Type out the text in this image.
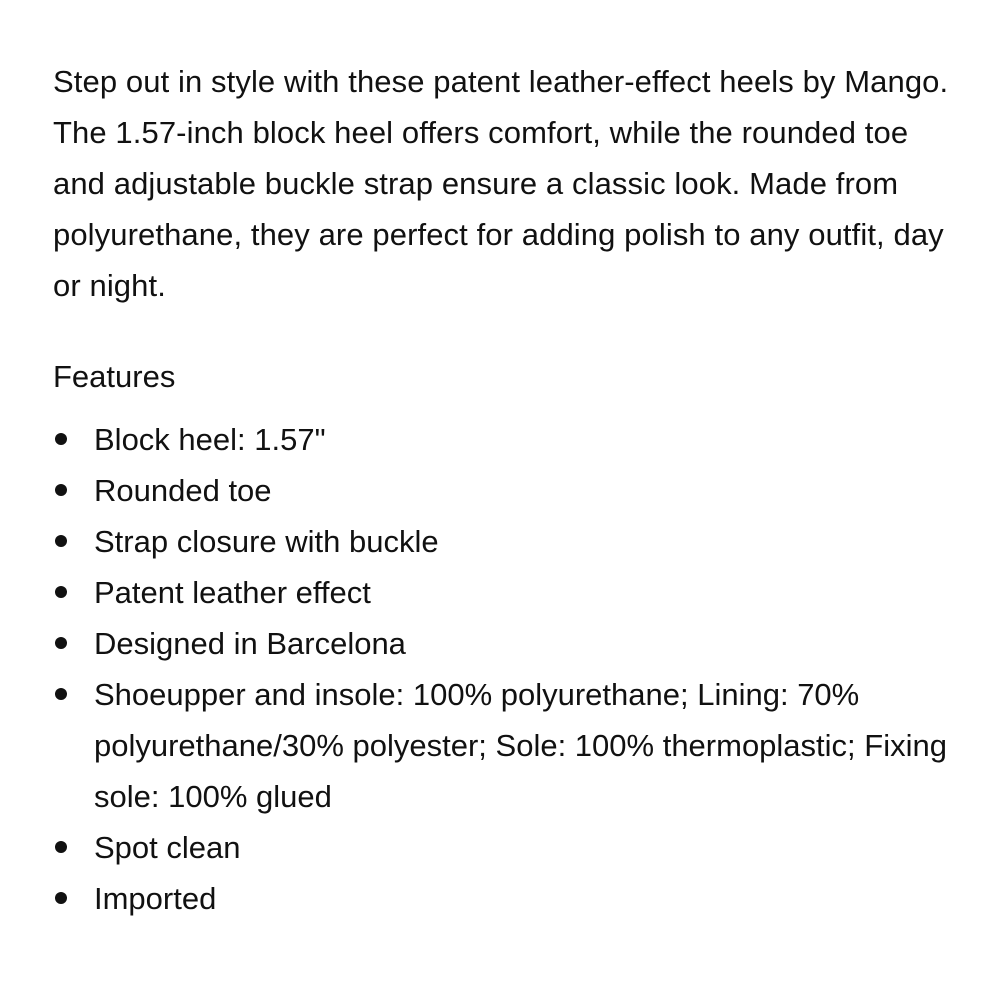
Step out in style with these patent leather-effect heels by Mango. The 1.57-inch block heel offers comfort, while the rounded toe and adjustable buckle strap ensure a classic look. Made from polyurethane, they are perfect for adding polish to any outfit, day or night.

Features
Block heel: 1.57"
Rounded toe
Strap closure with buckle
Patent leather effect
Designed in Barcelona
Shoeupper and insole: 100% polyurethane; Lining: 70% polyurethane/30% polyester; Sole: 100% thermoplastic; Fixing sole: 100% glued
Spot clean
Imported
